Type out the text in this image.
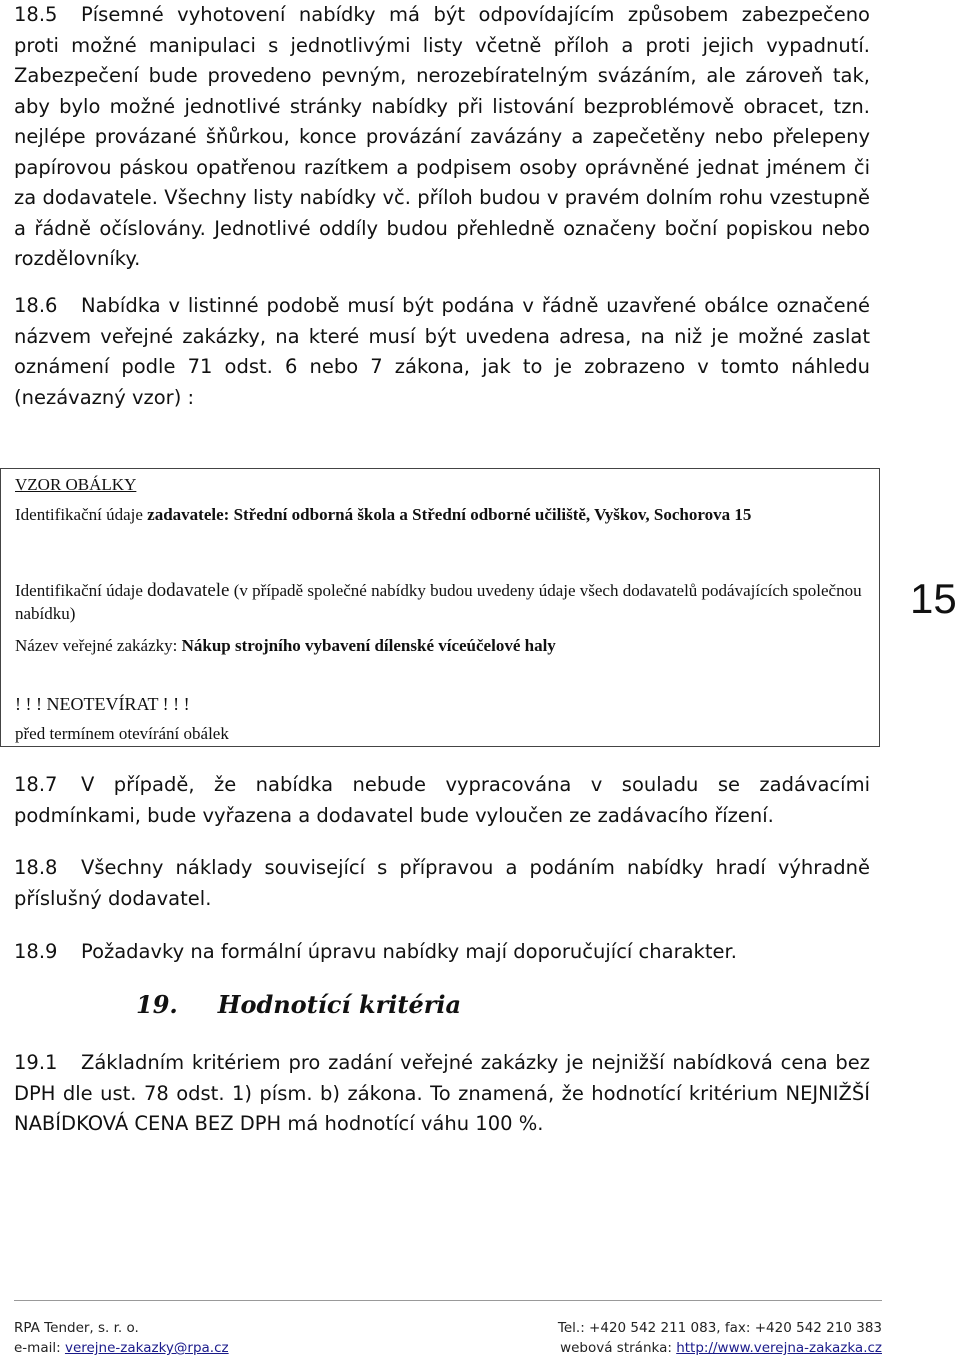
18.5 Písemné vyhotovení nabídky má být odpovídajícím způsobem zabezpečeno proti možné manipulaci s jednotlivými listy včetně příloh a proti jejich vypadnutí. Zabezpečení bude provedeno pevným, nerozebíratelným svázáním, ale zároveň tak, aby bylo možné jednotlivé stránky nabídky při listování bezproblémově obracet, tzn. nejlépe provázané šňůrkou, konce provázání zavázány a zapečetěny nebo přelepeny papírovou páskou opatřenou razítkem a podpisem osoby oprávněné jednat jménem či za dodavatele. Všechny listy nabídky vč. příloh budou v pravém dolním rohu vzestupně a řádně očíslovány. Jednotlivé oddíly budou přehledně označeny boční popiskou nebo rozdělovníky.
18.6 Nabídka v listinné podobě musí být podána v řádně uzavřené obálce označené názvem veřejné zakázky, na které musí být uvedena adresa, na niž je možné zaslat oznámení podle 71 odst. 6 nebo 7 zákona, jak to je zobrazeno v tomto náhledu (nezávazný vzor) :
VZOR OBÁLKY
Identifikační údaje zadavatele: Střední odborná škola a Střední odborné učiliště, Vyškov, Sochorova 15
Identifikační údaje dodavatele (v případě společné nabídky budou uvedeny údaje všech dodavatelů podávajících společnou nabídku)
Název veřejné zakázky: Nákup strojního vybavení dílenské víceúčelové haly
! ! ! NEOTEVÍRAT ! ! !
před termínem otevírání obálek
15
18.7 V případě, že nabídka nebude vypracována v souladu se zadávacími podmínkami, bude vyřazena a dodavatel bude vyloučen ze zadávacího řízení.
18.8 Všechny náklady související s přípravou a podáním nabídky hradí výhradně příslušný dodavatel.
18.9 Požadavky na formální úpravu nabídky mají doporučující charakter.
19. Hodnotící kritéria
19.1 Základním kritériem pro zadání veřejné zakázky je nejnižší nabídková cena bez DPH dle ust. 78 odst. 1) písm. b) zákona. To znamená, že hodnotící kritérium NEJNIŽŠÍ NABÍDKOVÁ CENA BEZ DPH má hodnotící váhu 100 %.
RPA Tender, s. r. o.	Tel.: +420 542 211 083, fax: +420 542 210 383
e-mail: verejne-zakazky@rpa.cz	webová stránka: http://www.verejna-zakazka.cz
